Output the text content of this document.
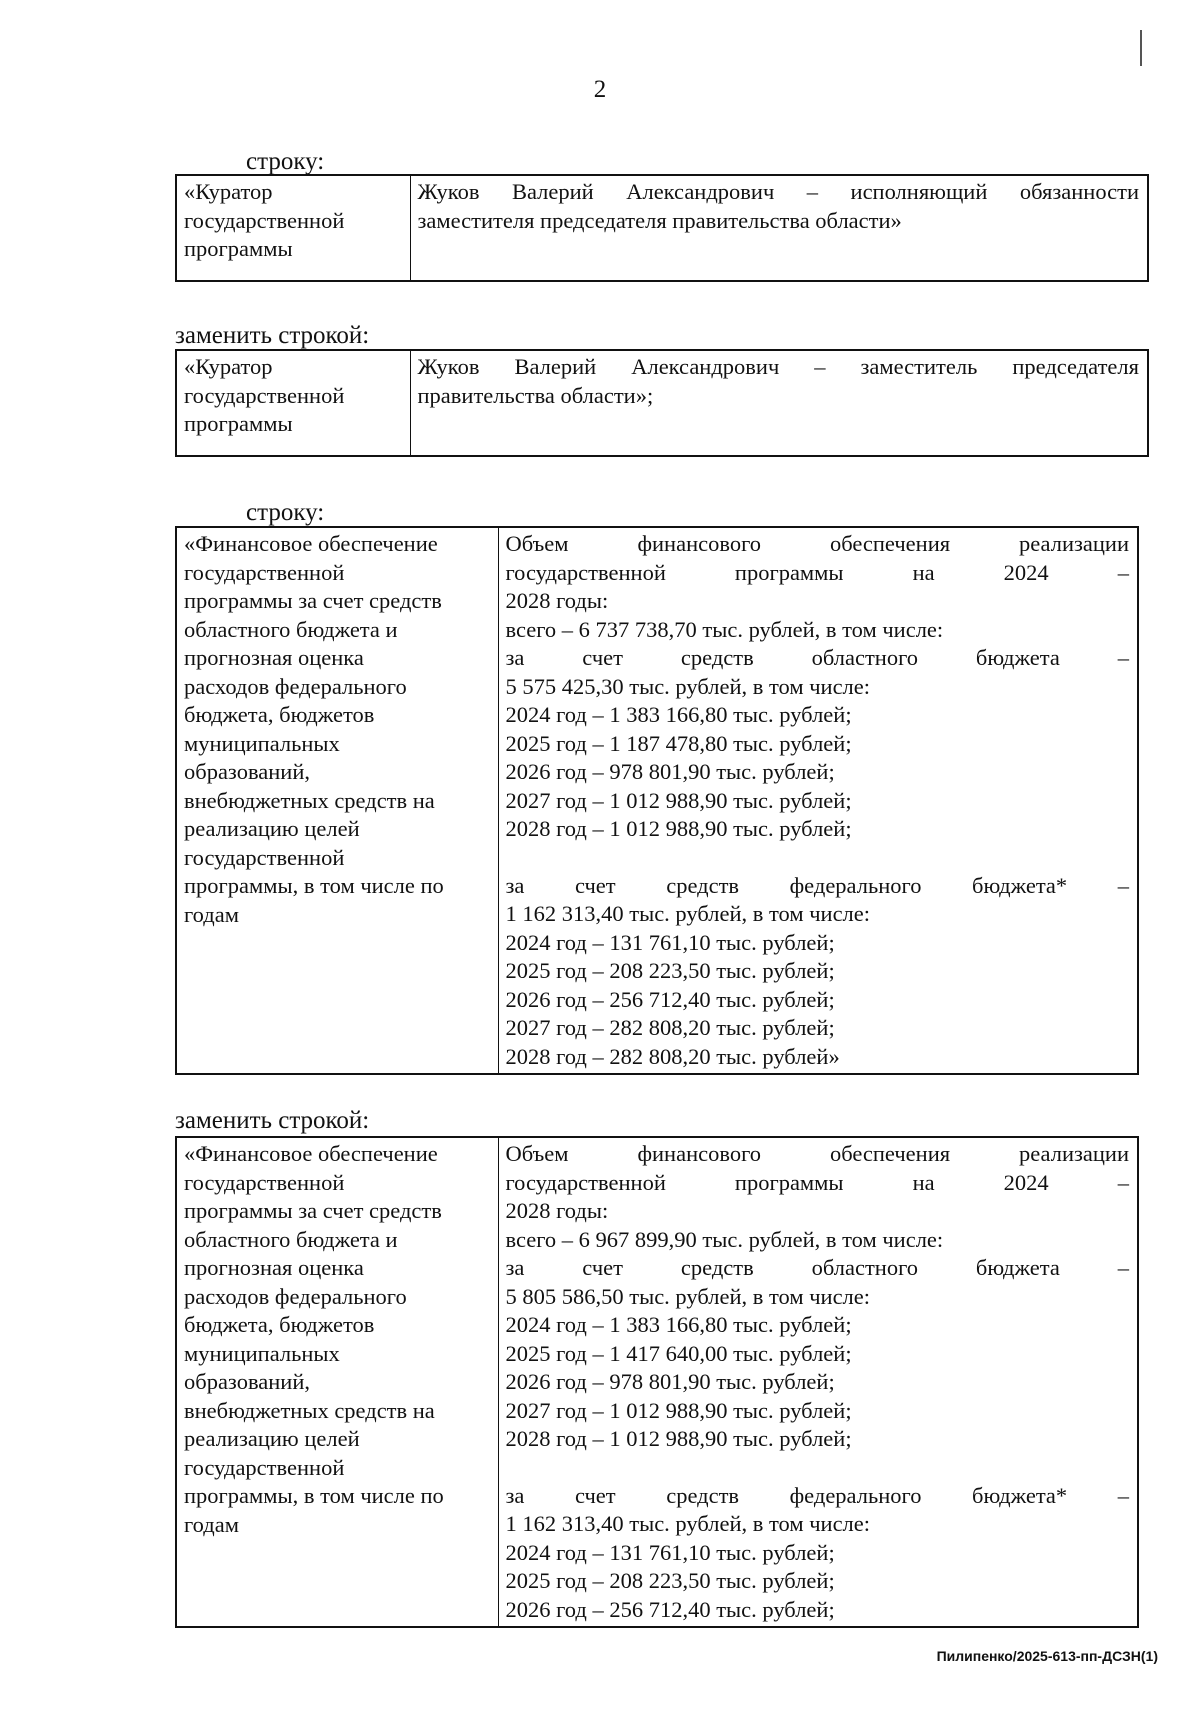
2
строку:
«Куратор
государственной
программы

Жуков Валерий Александрович – исполняющий обязанности
заместителя председателя правительства области»
заменить строкой:
«Куратор
государственной
программы

Жуков Валерий Александрович – заместитель председателя
правительства области»;
строку:
«Финансовое обеспечение
государственной
программы за счет средств
областного бюджета и
прогнозная оценка
расходов федерального
бюджета, бюджетов
муниципальных
образований,
внебюджетных средств на
реализацию целей
государственной
программы, в том числе по
годам

Объем финансового обеспечения реализации
государственной программы на 2024 –
2028 годы:
всего – 6 737 738,70 тыс. рублей, в том числе:
за счет средств областного бюджета –
5 575 425,30 тыс. рублей, в том числе:
2024 год – 1 383 166,80 тыс. рублей;
2025 год – 1 187 478,80 тыс. рублей;
2026 год – 978 801,90 тыс. рублей;
2027 год – 1 012 988,90 тыс. рублей;
2028 год – 1 012 988,90 тыс. рублей;
за счет средств федерального бюджета* –
1 162 313,40 тыс. рублей, в том числе:
2024 год – 131 761,10 тыс. рублей;
2025 год – 208 223,50 тыс. рублей;
2026 год – 256 712,40 тыс. рублей;
2027 год – 282 808,20 тыс. рублей;
2028 год – 282 808,20 тыс. рублей»
заменить строкой:
«Финансовое обеспечение
государственной
программы за счет средств
областного бюджета и
прогнозная оценка
расходов федерального
бюджета, бюджетов
муниципальных
образований,
внебюджетных средств на
реализацию целей
государственной
программы, в том числе по
годам

Объем финансового обеспечения реализации
государственной программы на 2024 –
2028 годы:
всего – 6 967 899,90 тыс. рублей, в том числе:
за счет средств областного бюджета –
5 805 586,50 тыс. рублей, в том числе:
2024 год – 1 383 166,80 тыс. рублей;
2025 год – 1 417 640,00 тыс. рублей;
2026 год – 978 801,90 тыс. рублей;
2027 год – 1 012 988,90 тыс. рублей;
2028 год – 1 012 988,90 тыс. рублей;
за счет средств федерального бюджета* –
1 162 313,40 тыс. рублей, в том числе:
2024 год – 131 761,10 тыс. рублей;
2025 год – 208 223,50 тыс. рублей;
2026 год – 256 712,40 тыс. рублей;
Пилипенко/2025-613-пп-ДСЗН(1)
